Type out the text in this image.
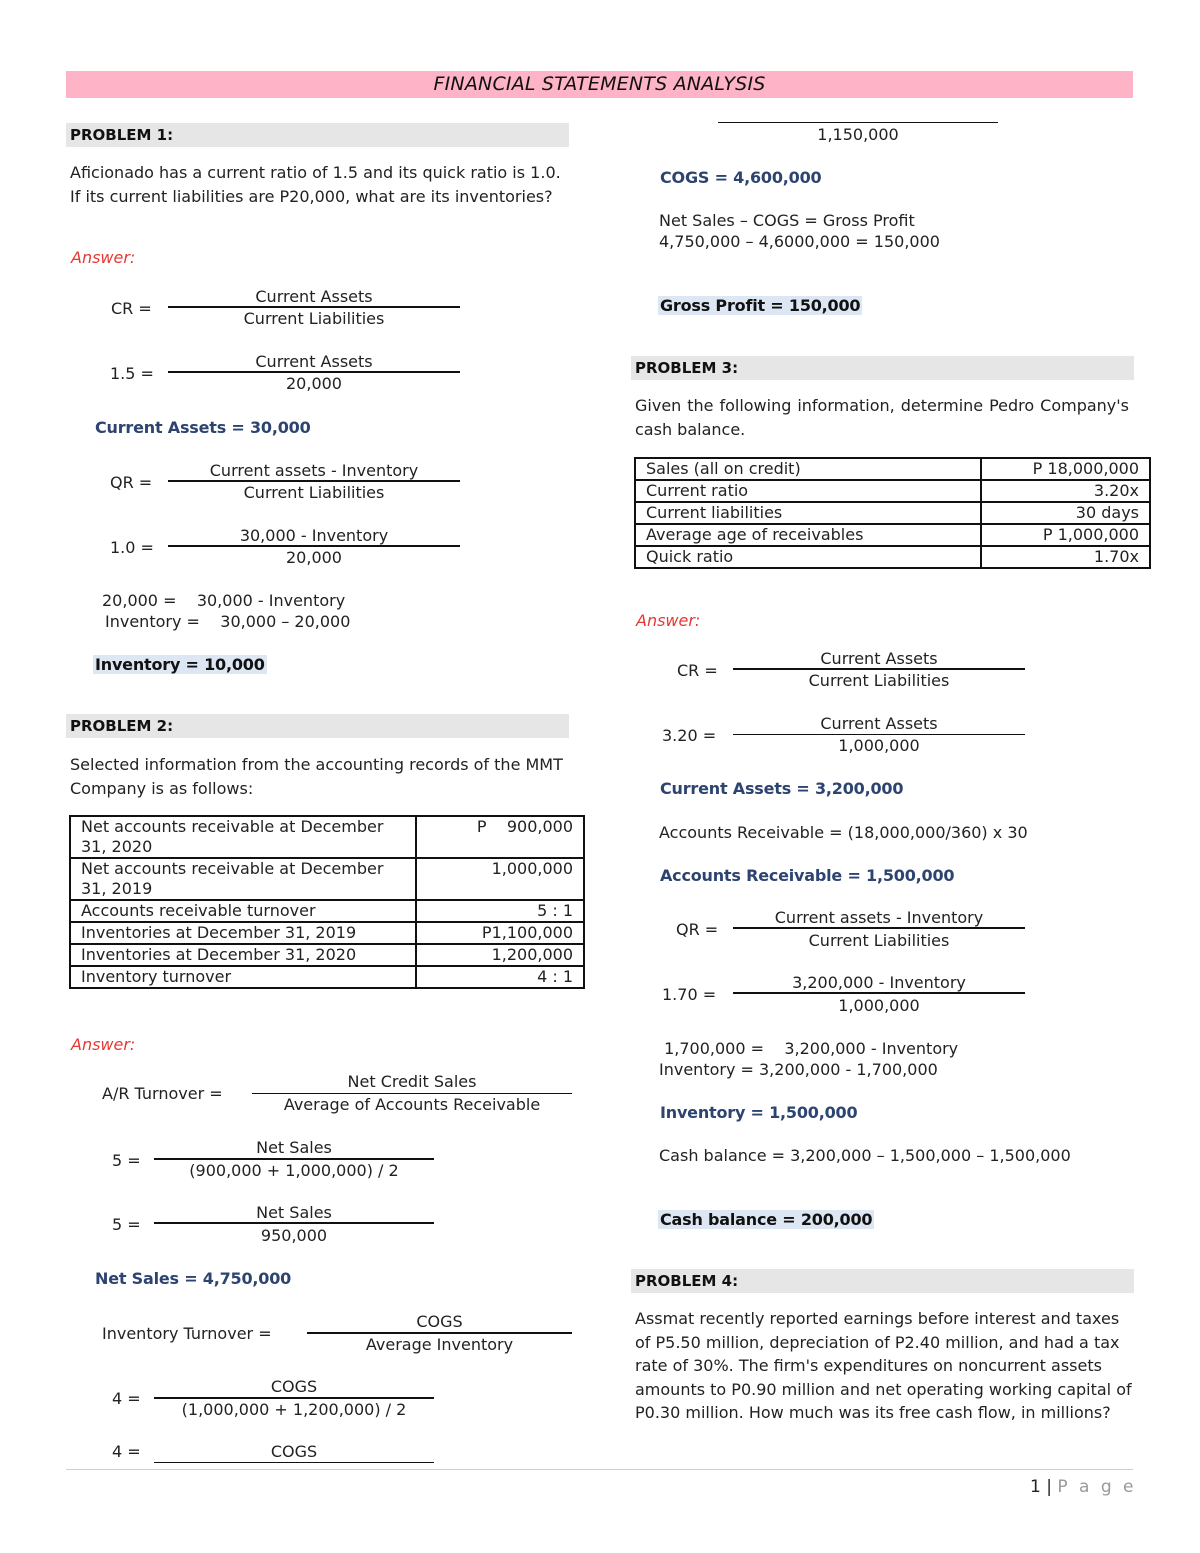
FINANCIAL STATEMENTS ANALYSIS
PROBLEM 1:
Aficionado has a current ratio of 1.5 and its quick ratio is 1.0. If its current liabilities are P20,000, what are its inventories?
Answer:
CR =
Current Assets
Current Liabilities
1.5 =
Current Assets
20,000
Current Assets = 30,000
QR =
Current assets - Inventory
Current Liabilities
1.0 =
30,000 - Inventory
20,000
20,000 =    30,000 - Inventory
Inventory =    30,000 – 20,000
Inventory = 10,000
PROBLEM 2:
Selected information from the accounting records of the MMT Company is as follows:
Net accounts receivable at December 31, 2020	P    900,000
Net accounts receivable at December 31, 2019	1,000,000
Accounts receivable turnover	5 : 1
Inventories at December 31, 2019	P1,100,000
Inventories at December 31, 2020	1,200,000
Inventory turnover	4 : 1
Answer:
A/R Turnover =
Net Credit Sales
Average of Accounts Receivable
5 =
Net Sales
(900,000 + 1,000,000) / 2
5 =
Net Sales
950,000
Net Sales = 4,750,000
Inventory Turnover =
COGS
Average Inventory
4 =
COGS
(1,000,000 + 1,200,000) / 2
4 =	COGS
1,150,000
COGS = 4,600,000
Net Sales – COGS = Gross Profit
4,750,000 – 4,6000,000 = 150,000
Gross Profit = 150,000
PROBLEM 3:
Given the following information, determine Pedro Company's cash balance.
Sales (all on credit)	P 18,000,000
Current ratio	3.20x
Current liabilities	30 days
Average age of receivables	P 1,000,000
Quick ratio	1.70x
Answer:
CR =
Current Assets
Current Liabilities
3.20 =
Current Assets
1,000,000
Current Assets = 3,200,000
Accounts Receivable = (18,000,000/360) x 30
Accounts Receivable = 1,500,000
QR =
Current assets - Inventory
Current Liabilities
1.70 =
3,200,000 - Inventory
1,000,000
1,700,000 =    3,200,000 - Inventory
Inventory = 3,200,000 - 1,700,000
Inventory = 1,500,000
Cash balance = 3,200,000 – 1,500,000 – 1,500,000
Cash balance = 200,000
PROBLEM 4:
Assmat recently reported earnings before interest and taxes of P5.50 million, depreciation of P2.40 million, and had a tax rate of 30%. The firm's expenditures on noncurrent assets amounts to P0.90 million and net operating working capital of P0.30 million. How much was its free cash flow, in millions?
1 | P a g e
